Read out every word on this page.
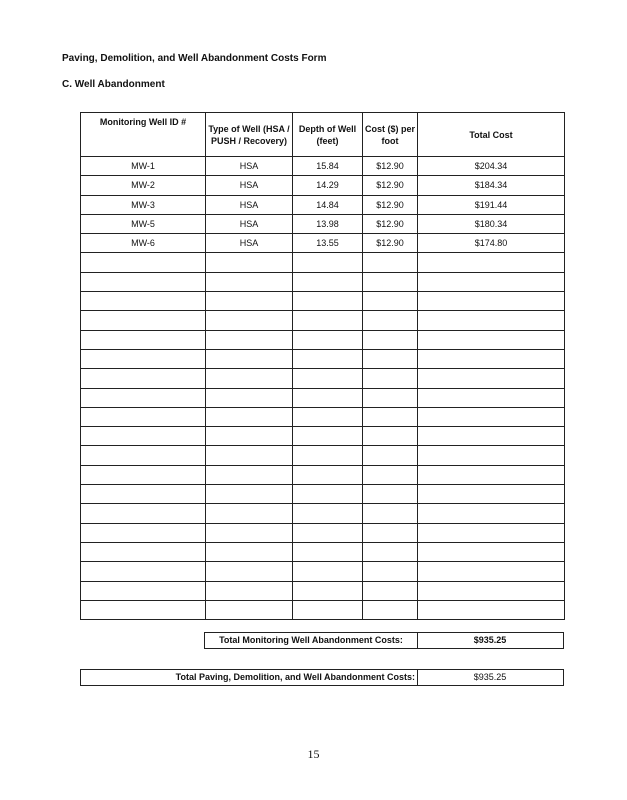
Paving, Demolition, and Well Abandonment Costs Form
C. Well Abandonment
Monitoring Well ID #	Type of Well (HSA / PUSH / Recovery)	Depth of Well (feet)	Cost ($) per foot	Total Cost
MW-1	HSA	15.84	$12.90	$204.34
MW-2	HSA	14.29	$12.90	$184.34
MW-3	HSA	14.84	$12.90	$191.44
MW-5	HSA	13.98	$12.90	$180.34
MW-6	HSA	13.55	$12.90	$174.80

Total Monitoring Well Abandonment Costs:	$935.25
Total Paving, Demolition, and Well Abandonment Costs:	$935.25
15
